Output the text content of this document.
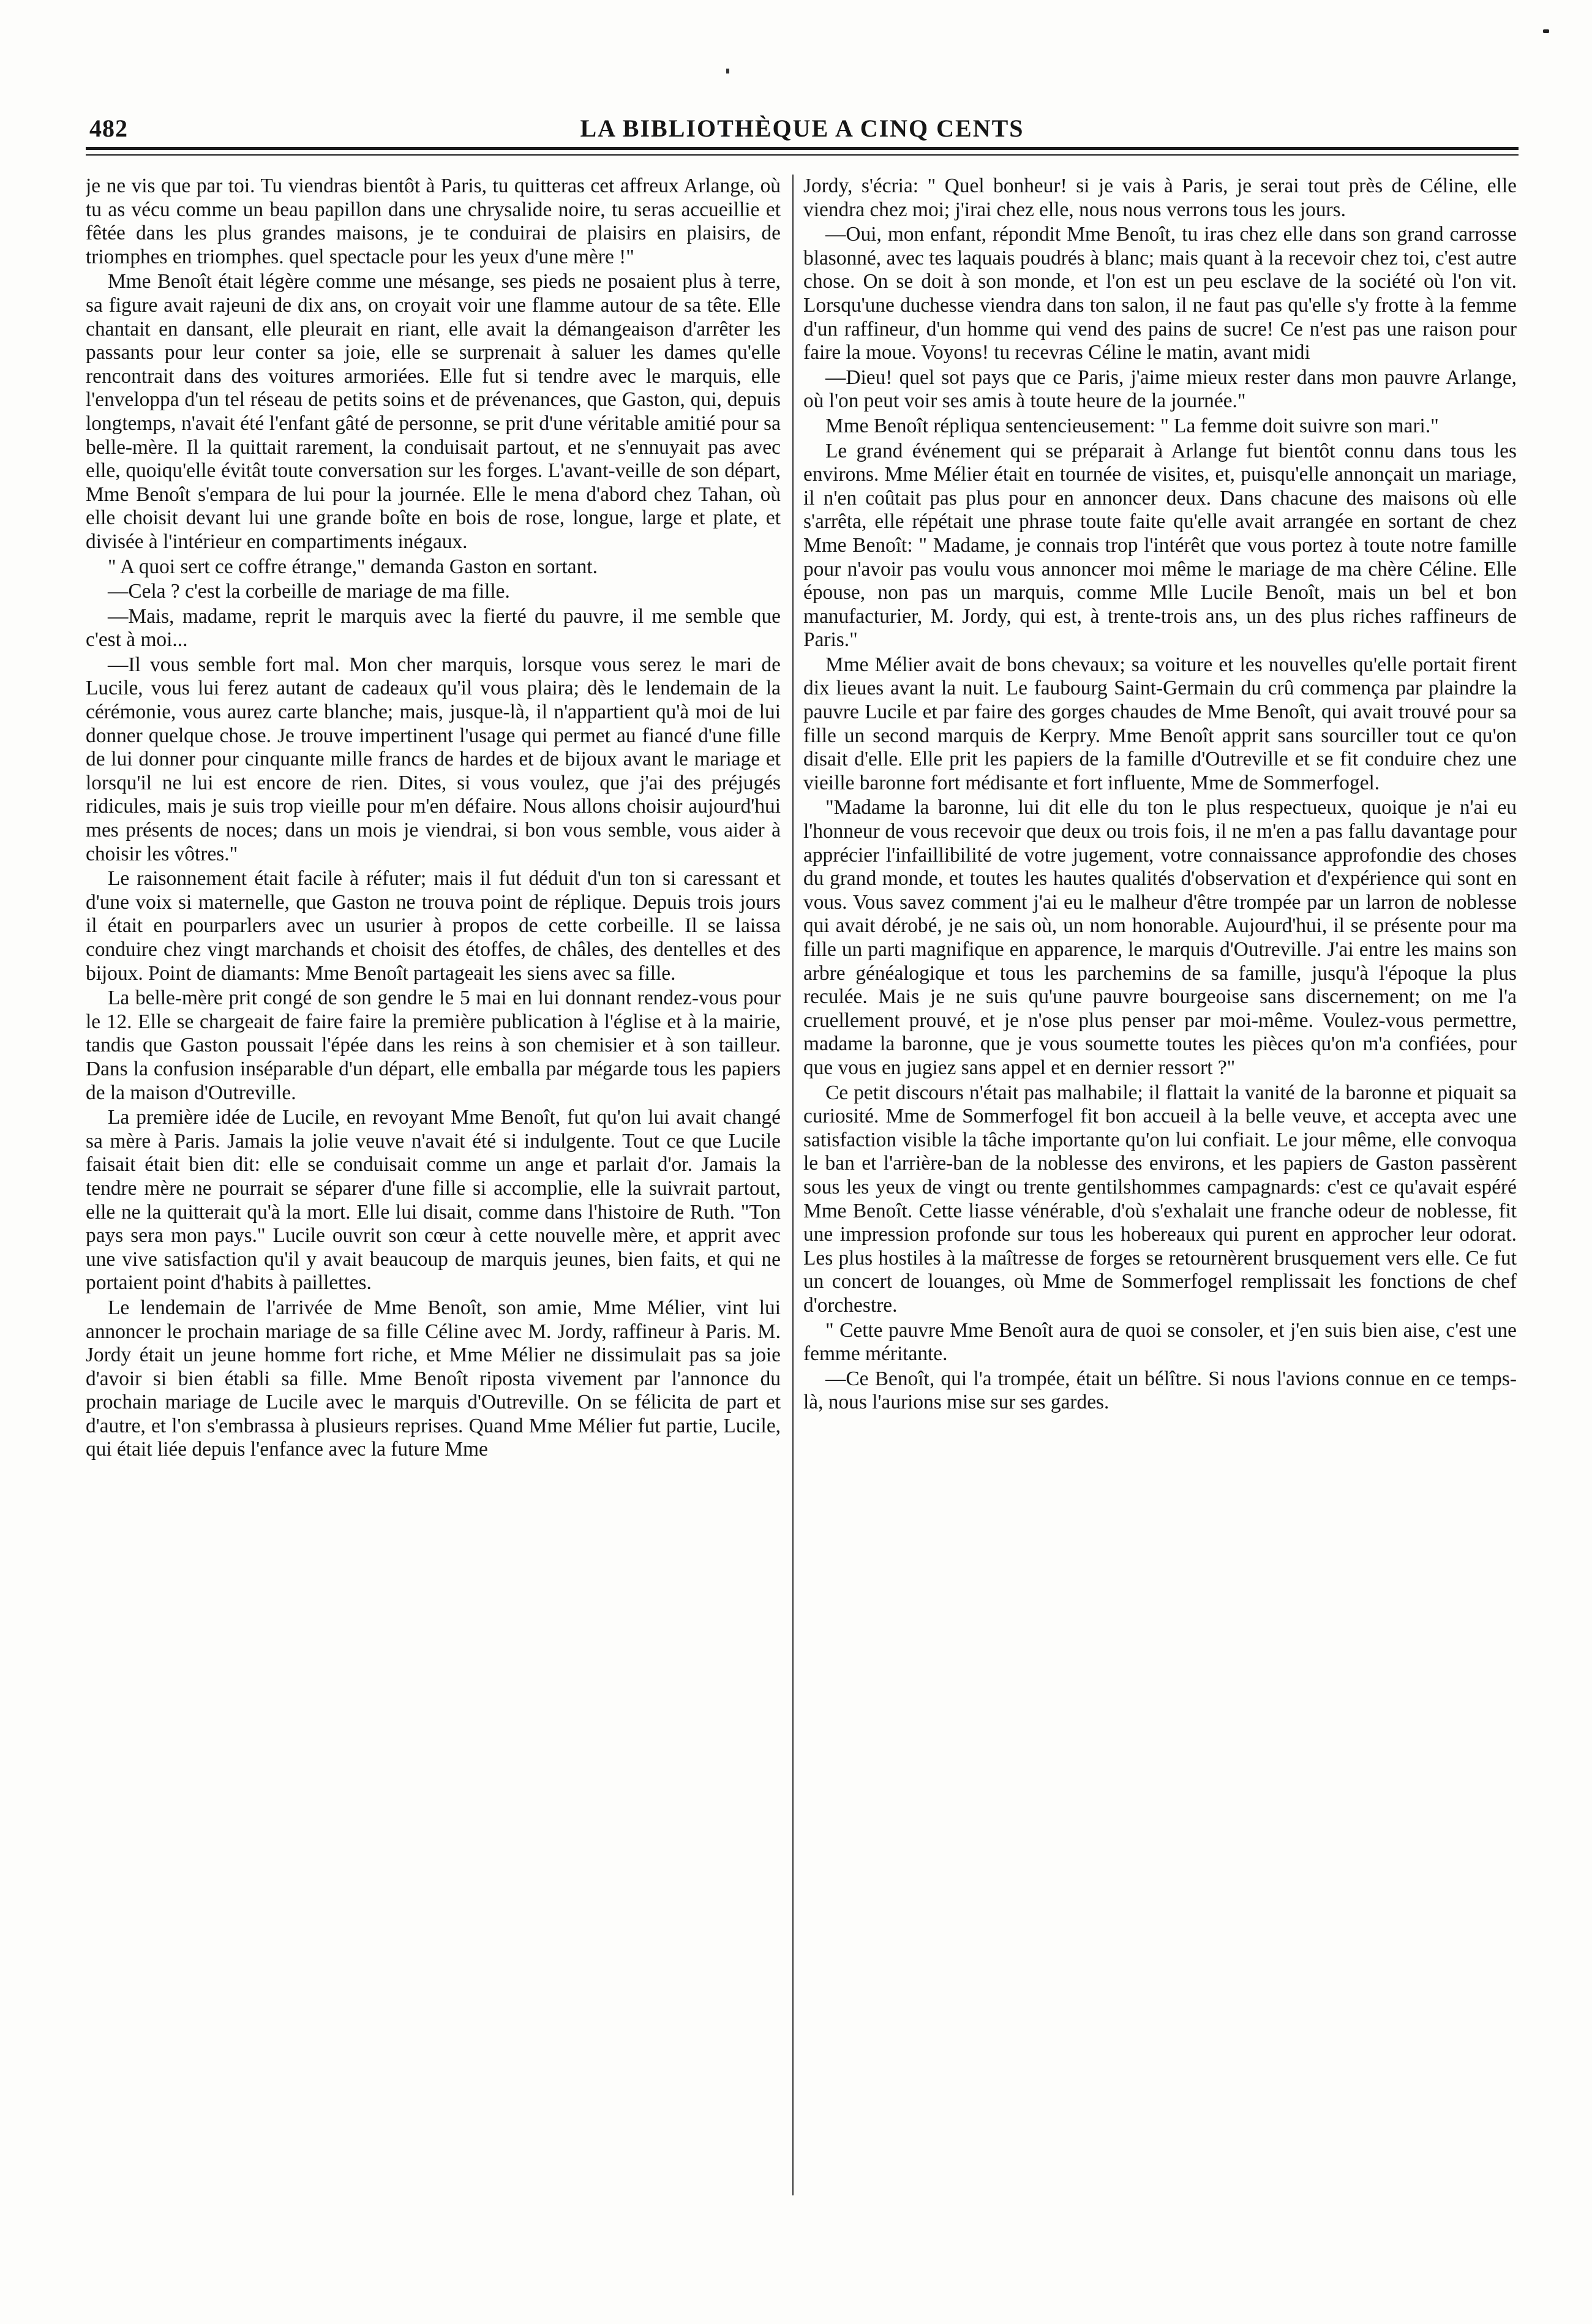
482	LA BIBLIOTHÈQUE A CINQ CENTS

je ne vis que par toi. Tu viendras bientôt à Paris, tu quitteras cet affreux Arlange, où tu as vécu comme un beau papillon dans une chrysalide noire, tu seras accueillie et fêtée dans les plus grandes maisons, je te conduirai de plaisirs en plaisirs, de triomphes en triomphes. quel spectacle pour les yeux d'une mère !"

Mme Benoît était légère comme une mésange, ses pieds ne posaient plus à terre, sa figure avait rajeuni de dix ans, on croyait voir une flamme autour de sa tête. Elle chantait en dansant, elle pleurait en riant, elle avait la démangeaison d'arrêter les passants pour leur conter sa joie, elle se surprenait à saluer les dames qu'elle rencontrait dans des voitures armoriées. Elle fut si tendre avec le marquis, elle l'enveloppa d'un tel réseau de petits soins et de prévenances, que Gaston, qui, depuis longtemps, n'avait été l'enfant gâté de personne, se prit d'une véritable amitié pour sa belle-mère. Il la quittait rarement, la conduisait partout, et ne s'ennuyait pas avec elle, quoiqu'elle évitât toute conversation sur les forges. L'avant-veille de son départ, Mme Benoît s'empara de lui pour la journée. Elle le mena d'abord chez Tahan, où elle choisit devant lui une grande boîte en bois de rose, longue, large et plate, et divisée à l'intérieur en compartiments inégaux.

" A quoi sert ce coffre étrange," demanda Gaston en sortant.

—Cela ? c'est la corbeille de mariage de ma fille.

—Mais, madame, reprit le marquis avec la fierté du pauvre, il me semble que c'est à moi...

—Il vous semble fort mal. Mon cher marquis, lorsque vous serez le mari de Lucile, vous lui ferez autant de cadeaux qu'il vous plaira; dès le lendemain de la cérémonie, vous aurez carte blanche; mais, jusque-là, il n'appartient qu'à moi de lui donner quelque chose. Je trouve impertinent l'usage qui permet au fiancé d'une fille de lui donner pour cinquante mille francs de hardes et de bijoux avant le mariage et lorsqu'il ne lui est encore de rien. Dites, si vous voulez, que j'ai des préjugés ridicules, mais je suis trop vieille pour m'en défaire. Nous allons choisir aujourd'hui mes présents de noces; dans un mois je viendrai, si bon vous semble, vous aider à choisir les vôtres."

Le raisonnement était facile à réfuter; mais il fut déduit d'un ton si caressant et d'une voix si maternelle, que Gaston ne trouva point de réplique. Depuis trois jours il était en pourparlers avec un usurier à propos de cette corbeille. Il se laissa conduire chez vingt marchands et choisit des étoffes, de châles, des dentelles et des bijoux. Point de diamants: Mme Benoît partageait les siens avec sa fille.

La belle-mère prit congé de son gendre le 5 mai en lui donnant rendez-vous pour le 12. Elle se chargeait de faire faire la première publication à l'église et à la mairie, tandis que Gaston poussait l'épée dans les reins à son chemisier et à son tailleur. Dans la confusion inséparable d'un départ, elle emballa par mégarde tous les papiers de la maison d'Outreville.

La première idée de Lucile, en revoyant Mme Benoît, fut qu'on lui avait changé sa mère à Paris. Jamais la jolie veuve n'avait été si indulgente. Tout ce que Lucile faisait était bien dit: elle se conduisait comme un ange et parlait d'or. Jamais la tendre mère ne pourrait se séparer d'une fille si accomplie, elle la suivrait partout, elle ne la quitterait qu'à la mort. Elle lui disait, comme dans l'histoire de Ruth. "Ton pays sera mon pays." Lucile ouvrit son cœur à cette nouvelle mère, et apprit avec une vive satisfaction qu'il y avait beaucoup de marquis jeunes, bien faits, et qui ne portaient point d'habits à paillettes.

Le lendemain de l'arrivée de Mme Benoît, son amie, Mme Mélier, vint lui annoncer le prochain mariage de sa fille Céline avec M. Jordy, raffineur à Paris. M. Jordy était un jeune homme fort riche, et Mme Mélier ne dissimulait pas sa joie d'avoir si bien établi sa fille. Mme Benoît riposta vivement par l'annonce du prochain mariage de Lucile avec le marquis d'Outreville. On se félicita de part et d'autre, et l'on s'embrassa à plusieurs reprises. Quand Mme Mélier fut partie, Lucile, qui était liée depuis l'enfance avec la future Mme

Jordy, s'écria: " Quel bonheur! si je vais à Paris, je serai tout près de Céline, elle viendra chez moi; j'irai chez elle, nous nous verrons tous les jours.

—Oui, mon enfant, répondit Mme Benoît, tu iras chez elle dans son grand carrosse blasonné, avec tes laquais poudrés à blanc; mais quant à la recevoir chez toi, c'est autre chose. On se doit à son monde, et l'on est un peu esclave de la société où l'on vit. Lorsqu'une duchesse viendra dans ton salon, il ne faut pas qu'elle s'y frotte à la femme d'un raffineur, d'un homme qui vend des pains de sucre! Ce n'est pas une raison pour faire la moue. Voyons! tu recevras Céline le matin, avant midi

—Dieu! quel sot pays que ce Paris, j'aime mieux rester dans mon pauvre Arlange, où l'on peut voir ses amis à toute heure de la journée."

Mme Benoît répliqua sentencieusement: " La femme doit suivre son mari."

Le grand événement qui se préparait à Arlange fut bientôt connu dans tous les environs. Mme Mélier était en tournée de visites, et, puisqu'elle annonçait un mariage, il n'en coûtait pas plus pour en annoncer deux. Dans chacune des maisons où elle s'arrêta, elle répétait une phrase toute faite qu'elle avait arrangée en sortant de chez Mme Benoît: " Madame, je connais trop l'intérêt que vous portez à toute notre famille pour n'avoir pas voulu vous annoncer moi même le mariage de ma chère Céline. Elle épouse, non pas un marquis, comme Mlle Lucile Benoît, mais un bel et bon manufacturier, M. Jordy, qui est, à trente-trois ans, un des plus riches raffineurs de Paris."

Mme Mélier avait de bons chevaux; sa voiture et les nouvelles qu'elle portait firent dix lieues avant la nuit. Le faubourg Saint-Germain du crû commença par plaindre la pauvre Lucile et par faire des gorges chaudes de Mme Benoît, qui avait trouvé pour sa fille un second marquis de Kerpry. Mme Benoît apprit sans sourciller tout ce qu'on disait d'elle. Elle prit les papiers de la famille d'Outreville et se fit conduire chez une vieille baronne fort médisante et fort influente, Mme de Sommerfogel.

"Madame la baronne, lui dit elle du ton le plus respectueux, quoique je n'ai eu l'honneur de vous recevoir que deux ou trois fois, il ne m'en a pas fallu davantage pour apprécier l'infaillibilité de votre jugement, votre connaissance approfondie des choses du grand monde, et toutes les hautes qualités d'observation et d'expérience qui sont en vous. Vous savez comment j'ai eu le malheur d'être trompée par un larron de noblesse qui avait dérobé, je ne sais où, un nom honorable. Aujourd'hui, il se présente pour ma fille un parti magnifique en apparence, le marquis d'Outreville. J'ai entre les mains son arbre généalogique et tous les parchemins de sa famille, jusqu'à l'époque la plus reculée. Mais je ne suis qu'une pauvre bourgeoise sans discernement; on me l'a cruellement prouvé, et je n'ose plus penser par moi-même. Voulez-vous permettre, madame la baronne, que je vous soumette toutes les pièces qu'on m'a confiées, pour que vous en jugiez sans appel et en dernier ressort ?"

Ce petit discours n'était pas malhabile; il flattait la vanité de la baronne et piquait sa curiosité. Mme de Sommerfogel fit bon accueil à la belle veuve, et accepta avec une satisfaction visible la tâche importante qu'on lui confiait. Le jour même, elle convoqua le ban et l'arrière-ban de la noblesse des environs, et les papiers de Gaston passèrent sous les yeux de vingt ou trente gentilshommes campagnards: c'est ce qu'avait espéré Mme Benoît. Cette liasse vénérable, d'où s'exhalait une franche odeur de noblesse, fit une impression profonde sur tous les hobereaux qui purent en approcher leur odorat. Les plus hostiles à la maîtresse de forges se retournèrent brusquement vers elle. Ce fut un concert de louanges, où Mme de Sommerfogel remplissait les fonctions de chef d'orchestre.

" Cette pauvre Mme Benoît aura de quoi se consoler, et j'en suis bien aise, c'est une femme méritante.

—Ce Benoît, qui l'a trompée, était un bélître. Si nous l'avions connue en ce temps-là, nous l'aurions mise sur ses gardes.
